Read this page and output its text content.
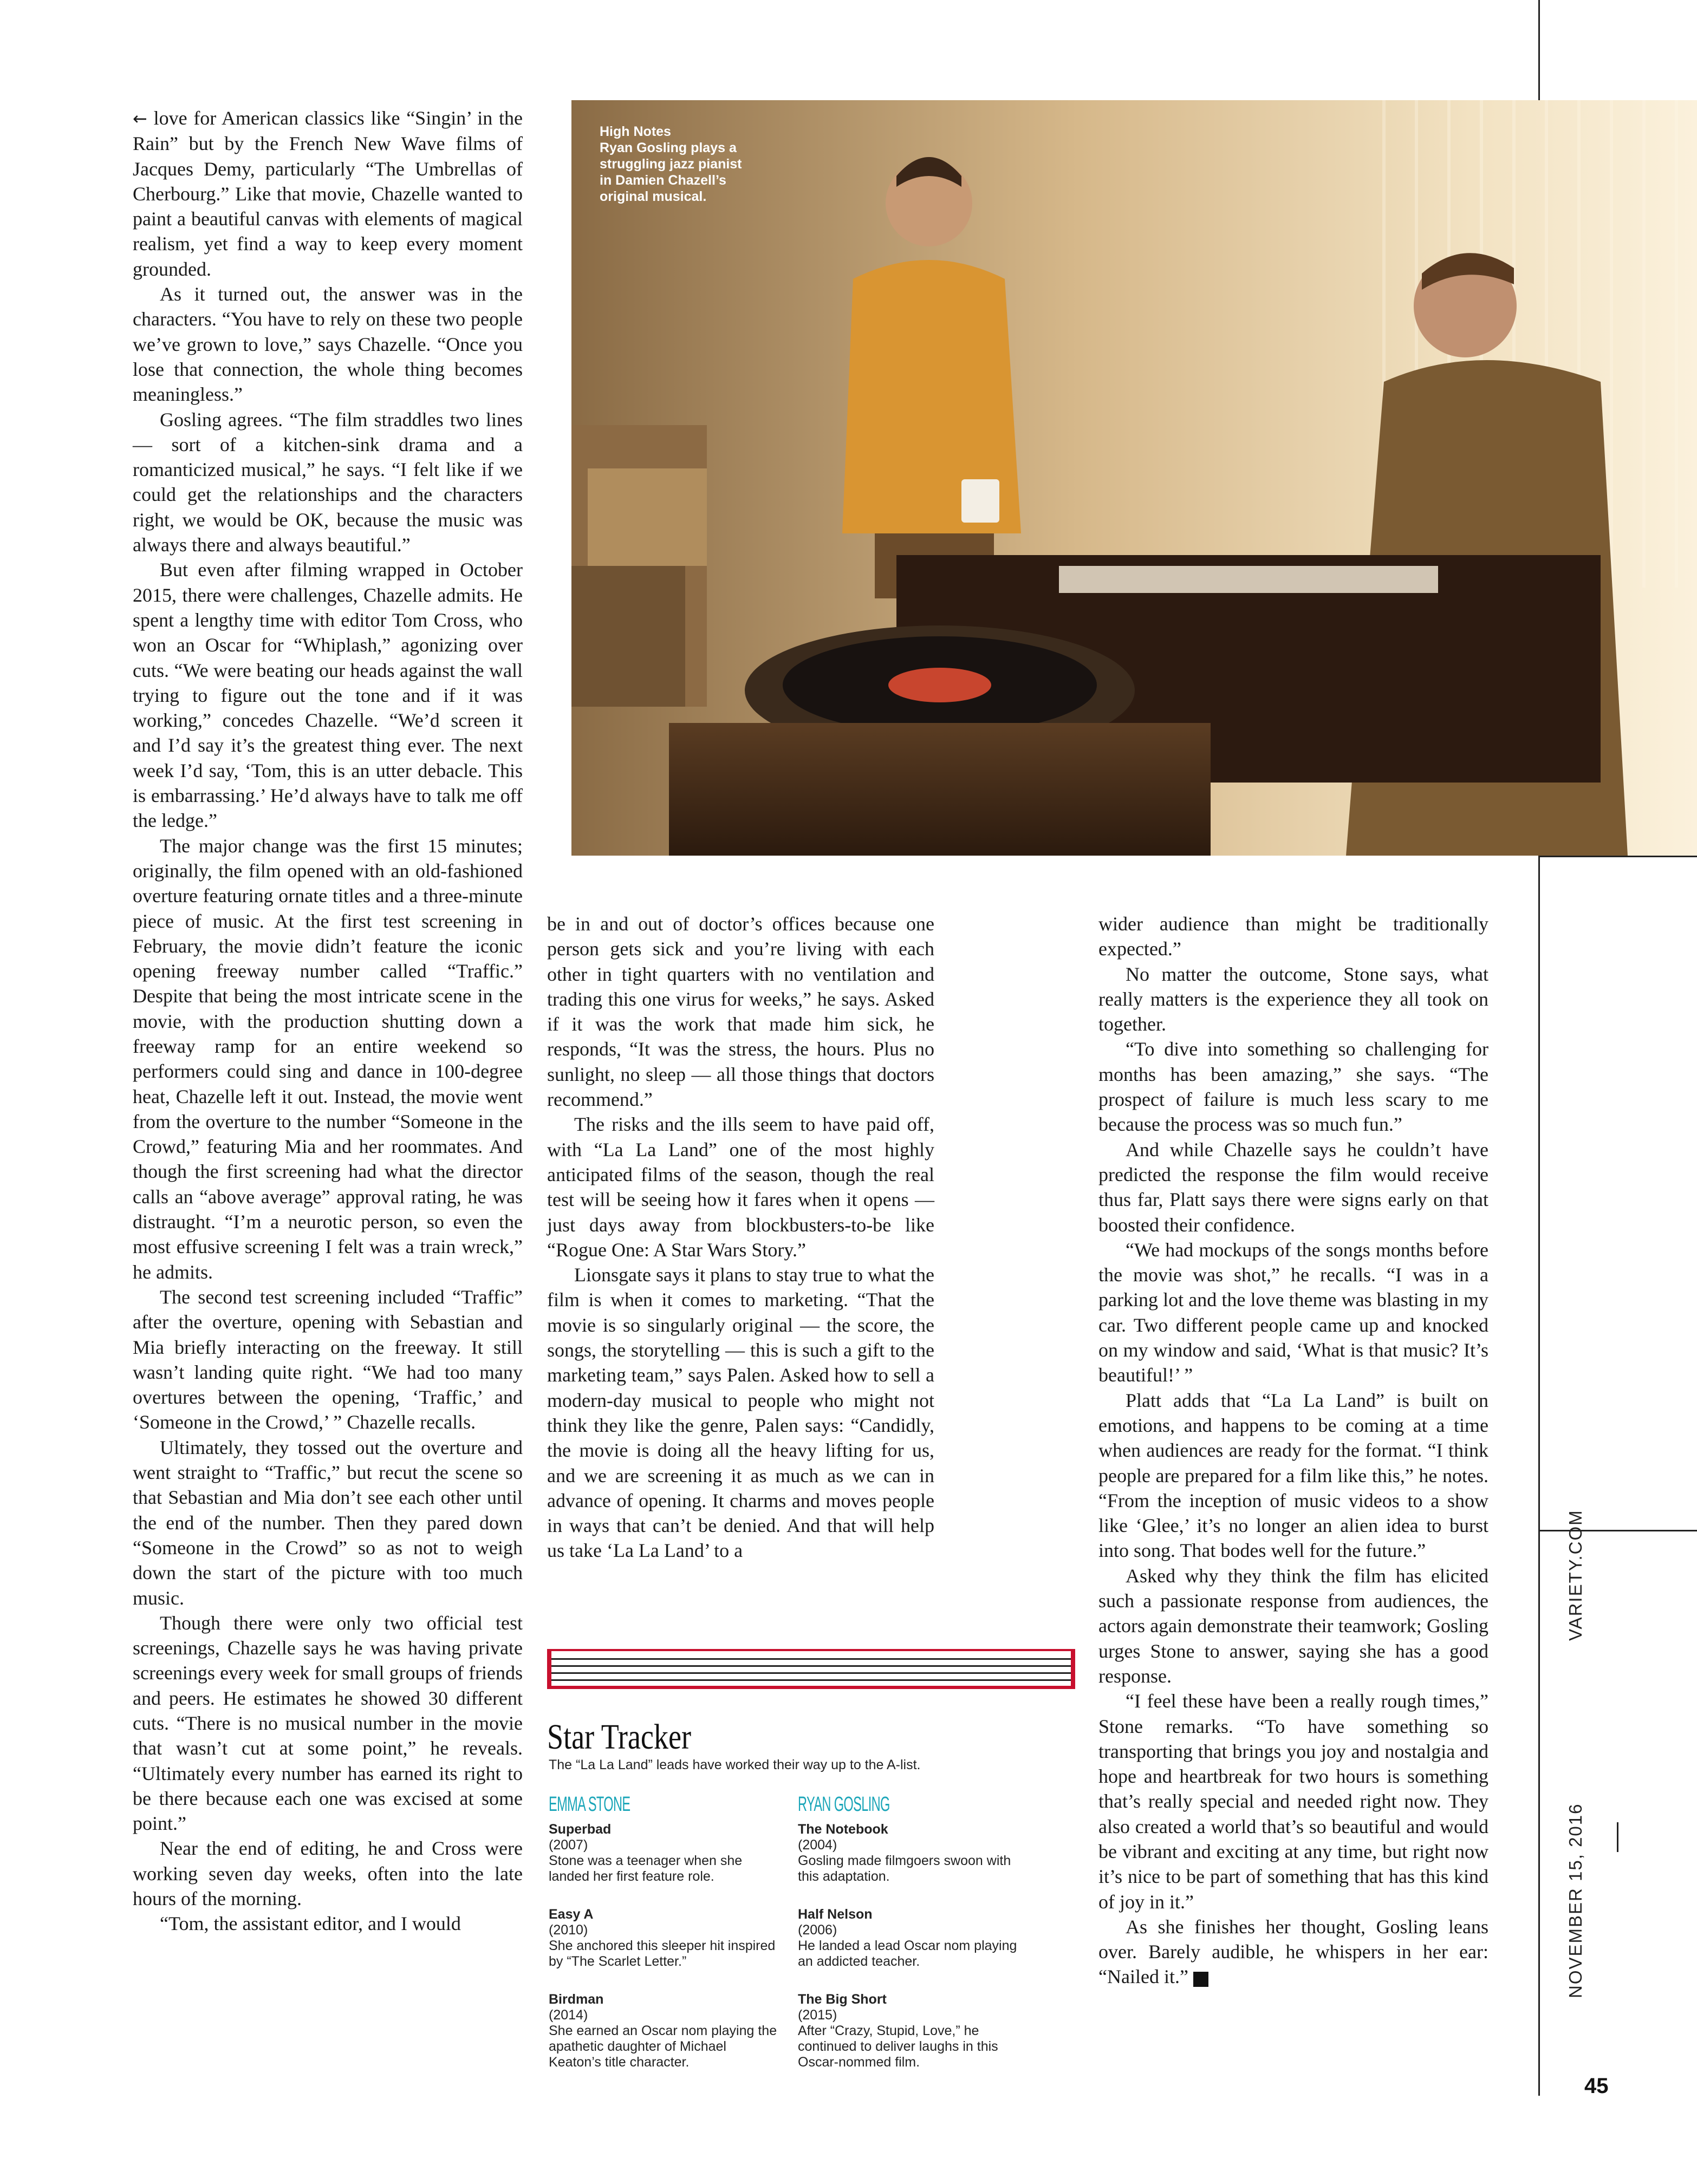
VARIETY.COM
NOVEMBER 15, 2016
45
High Notes
Ryan Gosling plays a struggling jazz pianist in Damien Chazell’s original musical.

← love for American classics like “Singin’ in the Rain” but by the French New Wave films of Jacques Demy, particularly “The Umbrellas of Cherbourg.” Like that movie, Chazelle wanted to paint a beautiful canvas with elements of magical realism, yet find a way to keep every moment grounded.

As it turned out, the answer was in the characters. “You have to rely on these two people we’ve grown to love,” says Chazelle. “Once you lose that connection, the whole thing becomes meaningless.”

Gosling agrees. “The film straddles two lines — sort of a kitchen-sink drama and a romanticized musical,” he says. “I felt like if we could get the relationships and the characters right, we would be OK, because the music was always there and always beautiful.”

But even after filming wrapped in October 2015, there were challenges, Chazelle admits. He spent a lengthy time with editor Tom Cross, who won an Oscar for “Whiplash,” agonizing over cuts. “We were beating our heads against the wall trying to figure out the tone and if it was working,” concedes Chazelle. “We’d screen it and I’d say it’s the greatest thing ever. The next week I’d say, ‘Tom, this is an utter debacle. This is embarrassing.’ He’d always have to talk me off the ledge.”

The major change was the first 15 minutes; originally, the film opened with an old-fashioned overture featuring ornate titles and a three-minute piece of music. At the first test screening in February, the movie didn’t feature the iconic opening freeway number called “Traffic.” Despite that being the most intricate scene in the movie, with the production shutting down a freeway ramp for an entire weekend so performers could sing and dance in 100-degree heat, Chazelle left it out. Instead, the movie went from the overture to the number “Someone in the Crowd,” featuring Mia and her roommates. And though the first screening had what the director calls an “above average” approval rating, he was distraught. “I’m a neurotic person, so even the most effusive screening I felt was a train wreck,” he admits.

The second test screening included “Traffic” after the overture, opening with Sebastian and Mia briefly interacting on the freeway. It still wasn’t landing quite right. “We had too many overtures between the opening, ‘Traffic,’ and ‘Someone in the Crowd,’ ” Chazelle recalls.

Ultimately, they tossed out the overture and went straight to “Traffic,” but recut the scene so that Sebastian and Mia don’t see each other until the end of the number. Then they pared down “Someone in the Crowd” so as not to weigh down the start of the picture with too much music.

Though there were only two official test screenings, Chazelle says he was having private screenings every week for small groups of friends and peers. He estimates he showed 30 different cuts. “There is no musical number in the movie that wasn’t cut at some point,” he reveals. “Ultimately every number has earned its right to be there because each one was excised at some point.”

Near the end of editing, he and Cross were working seven day weeks, often into the late hours of the morning.

“Tom, the assistant editor, and I would

be in and out of doctor’s offices because one person gets sick and you’re living with each other in tight quarters with no ventilation and trading this one virus for weeks,” he says. Asked if it was the work that made him sick, he responds, “It was the stress, the hours. Plus no sunlight, no sleep — all those things that doctors recommend.”

The risks and the ills seem to have paid off, with “La La Land” one of the most highly anticipated films of the season, though the real test will be seeing how it fares when it opens — just days away from blockbusters-to-be like “Rogue One: A Star Wars Story.”

Lionsgate says it plans to stay true to what the film is when it comes to marketing. “That the movie is so singularly original — the score, the songs, the storytelling — this is such a gift to the marketing team,” says Palen. Asked how to sell a modern-day musical to people who might not think they like the genre, Palen says: “Candidly, the movie is doing all the heavy lifting for us, and we are screening it as much as we can in advance of opening. It charms and moves people in ways that can’t be denied. And that will help us take ‘La La Land’ to a

wider audience than might be traditionally expected.”

No matter the outcome, Stone says, what really matters is the experience they all took on together.

“To dive into something so challenging for months has been amazing,” she says. “The prospect of failure is much less scary to me because the process was so much fun.”

And while Chazelle says he couldn’t have predicted the response the film would receive thus far, Platt says there were signs early on that boosted their confidence.

“We had mockups of the songs months before the movie was shot,” he recalls. “I was in a parking lot and the love theme was blasting in my car. Two different people came up and knocked on my window and said, ‘What is that music? It’s beautiful!’ ”

Platt adds that “La La Land” is built on emotions, and happens to be coming at a time when audiences are ready for the format. “I think people are prepared for a film like this,” he notes. “From the inception of music videos to a show like ‘Glee,’ it’s no longer an alien idea to burst into song. That bodes well for the future.”

Asked why they think the film has elicited such a passionate response from audiences, the actors again demonstrate their teamwork; Gosling urges Stone to answer, saying she has a good response.

“I feel these have been a really rough times,” Stone remarks. “To have something so transporting that brings you joy and nostalgia and hope and heartbreak for two hours is something that’s really special and needed right now. They also created a world that’s so beautiful and would be vibrant and exciting at any time, but right now it’s nice to be part of something that has this kind of joy in it.”

As she finishes her thought, Gosling leans over. Barely audible, he whispers in her ear: “Nailed it.” V

Star Tracker
The “La La Land” leads have worked their way up to the A-list.
EMMA STONE
Superbad
(2007)
Stone was a teenager when she landed her first feature role.
Easy A
(2010)
She anchored this sleeper hit inspired by “The Scarlet Letter.”
Birdman
(2014)
She earned an Oscar nom playing the apathetic daughter of Michael Keaton’s title character.
RYAN GOSLING
The Notebook
(2004)
Gosling made filmgoers swoon with this adaptation.
Half Nelson
(2006)
He landed a lead Oscar nom playing an addicted teacher.
The Big Short
(2015)
After “Crazy, Stupid, Love,” he continued to deliver laughs in this Oscar-nommed film.
